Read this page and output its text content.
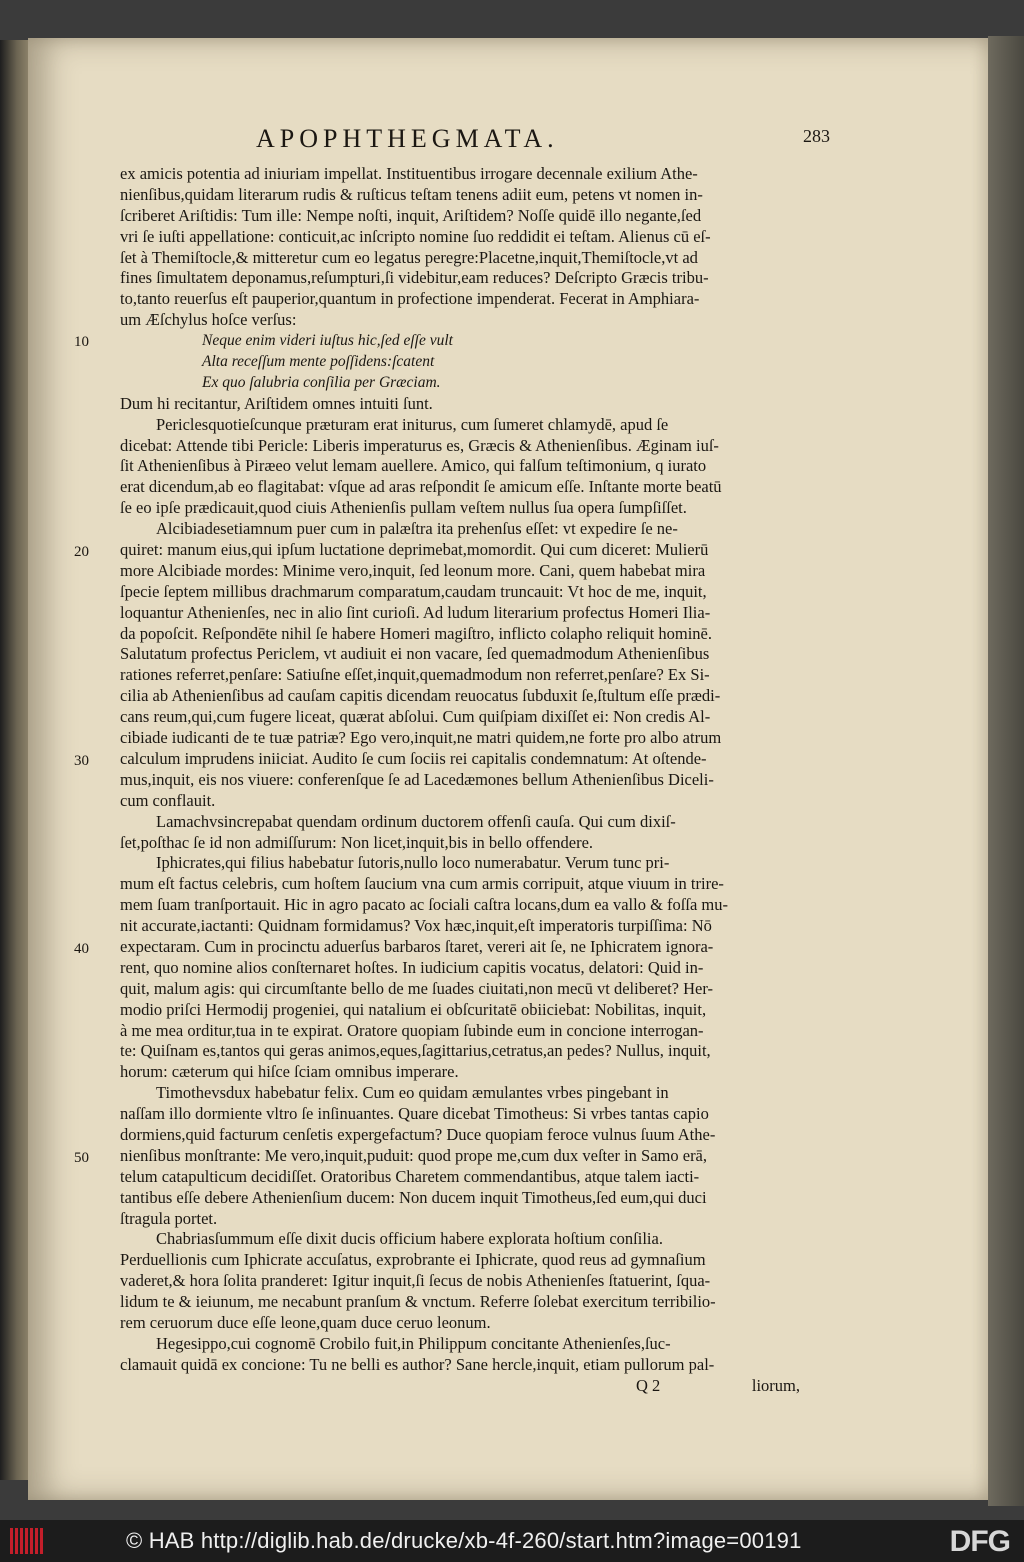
APOPHTHEGMATA.	283
ex amicis potentia ad iniuriam impellat. Instituentibus irrogare decennale exilium Athe-
nienſibus,quidam literarum rudis & ruſticus teſtam tenens adiit eum, petens vt nomen in-
ſcriberet Ariſtidis: Tum ille: Nempe noſti, inquit, Ariſtidem? Noſſe quidē illo negante,ſed
vri ſe iuſti appellatione: conticuit,ac inſcripto nomine ſuo reddidit ei teſtam. Alienus cū eſ-
ſet à Themiſtocle,& mitteretur cum eo legatus peregre:Placetne,inquit,Themiſtocle,vt ad
fines ſimultatem deponamus,reſumpturi,ſi videbitur,eam reduces? Deſcripto Græcis tribu-
to,tanto reuerſus eſt pauperior,quantum in profectione impenderat. Fecerat in Amphiara-
um Æſchylus hoſce verſus:
Neque enim videri iuſtus hic,ſed eſſe vult
Alta receſſum mente poſſidens:ſcatent
Ex quo ſalubria conſilia per Græciam.
Dum hi recitantur, Ariſtidem omnes intuiti ſunt.
Periclesquotieſcunque præturam erat initurus, cum ſumeret chlamydē, apud ſe
dicebat: Attende tibi Pericle: Liberis imperaturus es, Græcis & Athenienſibus. Æginam iuſ-
ſit Athenienſibus à Piræeo velut lemam auellere. Amico, qui falſum teſtimonium, q iurato
erat dicendum,ab eo flagitabat: vſque ad aras reſpondit ſe amicum eſſe. Inſtante morte beatū
ſe eo ipſe prædicauit,quod ciuis Athenienſis pullam veſtem nullus ſua opera ſumpſiſſet.
Alcibiadesetiamnum puer cum in palæſtra ita prehenſus eſſet: vt expedire ſe ne-
quiret: manum eius,qui ipſum luctatione deprimebat,momordit. Qui cum diceret: Mulierū
more Alcibiade mordes: Minime vero,inquit, ſed leonum more. Cani, quem habebat mira
ſpecie ſeptem millibus drachmarum comparatum,caudam truncauit: Vt hoc de me, inquit,
loquantur Athenienſes, nec in alio ſint curioſi. Ad ludum literarium profectus Homeri Ilia-
da popoſcit. Reſpondēte nihil ſe habere Homeri magiſtro, inflicto colapho reliquit hominē.
Salutatum profectus Periclem, vt audiuit ei non vacare, ſed quemadmodum Athenienſibus
rationes referret,penſare: Satiuſne eſſet,inquit,quemadmodum non referret,penſare? Ex Si-
cilia ab Athenienſibus ad cauſam capitis dicendam reuocatus ſubduxit ſe,ſtultum eſſe prædi-
cans reum,qui,cum fugere liceat, quærat abſolui. Cum quiſpiam dixiſſet ei: Non credis Al-
cibiade iudicanti de te tuæ patriæ? Ego vero,inquit,ne matri quidem,ne forte pro albo atrum
calculum imprudens iniiciat. Audito ſe cum ſociis rei capitalis condemnatum: At oſtende-
mus,inquit, eis nos viuere: conferenſque ſe ad Lacedæmones bellum Athenienſibus Diceli-
cum conflauit.
Lamachvsincrepabat quendam ordinum ductorem offenſi cauſa. Qui cum dixiſ-
ſet,poſthac ſe id non admiſſurum: Non licet,inquit,bis in bello offendere.
Iphicrates,qui filius habebatur ſutoris,nullo loco numerabatur. Verum tunc pri-
mum eſt factus celebris, cum hoſtem ſaucium vna cum armis corripuit, atque viuum in trire-
mem ſuam tranſportauit. Hic in agro pacato ac ſociali caſtra locans,dum ea vallo & foſſa mu-
nit accurate,iactanti: Quidnam formidamus? Vox hæc,inquit,eſt imperatoris turpiſſima: Nō
expectaram. Cum in procinctu aduerſus barbaros ſtaret, vereri ait ſe, ne Iphicratem ignora-
rent, quo nomine alios conſternaret hoſtes. In iudicium capitis vocatus, delatori: Quid in-
quit, malum agis: qui circumſtante bello de me ſuades ciuitati,non mecū vt deliberet? Her-
modio priſci Hermodij progeniei, qui natalium ei obſcuritatē obiiciebat: Nobilitas, inquit,
à me mea orditur,tua in te expirat. Oratore quopiam ſubinde eum in concione interrogan-
te: Quiſnam es,tantos qui geras animos,eques,ſagittarius,cetratus,an pedes? Nullus, inquit,
horum: cæterum qui hiſce ſciam omnibus imperare.
Timothevsdux habebatur felix. Cum eo quidam æmulantes vrbes pingebant in
naſſam illo dormiente vltro ſe inſinuantes. Quare dicebat Timotheus: Si vrbes tantas capio
dormiens,quid facturum cenſetis expergefactum? Duce quopiam feroce vulnus ſuum Athe-
nienſibus monſtrante: Me vero,inquit,puduit: quod prope me,cum dux veſter in Samo erā,
telum catapulticum decidiſſet. Oratoribus Charetem commendantibus, atque talem iacti-
tantibus eſſe debere Athenienſium ducem: Non ducem inquit Timotheus,ſed eum,qui duci
ſtragula portet.
Chabriasſummum eſſe dixit ducis officium habere explorata hoſtium conſilia.
Perduellionis cum Iphicrate accuſatus, exprobrante ei Iphicrate, quod reus ad gymnaſium
vaderet,& hora ſolita pranderet: Igitur inquit,ſi ſecus de nobis Athenienſes ſtatuerint, ſqua-
lidum te & ieiunum, me necabunt pranſum & vnctum. Referre ſolebat exercitum terribilio-
rem ceruorum duce eſſe leone,quam duce ceruo leonum.
Hegesippo,cui cognomē Crobilo fuit,in Philippum concitante Athenienſes,ſuc-
clamauit quidā ex concione: Tu ne belli es author? Sane hercle,inquit, etiam pullorum pal-
Q 2	liorum,
10
20
30
40
50
© HAB http://diglib.hab.de/drucke/xb-4f-260/start.htm?image=00191	DFG
